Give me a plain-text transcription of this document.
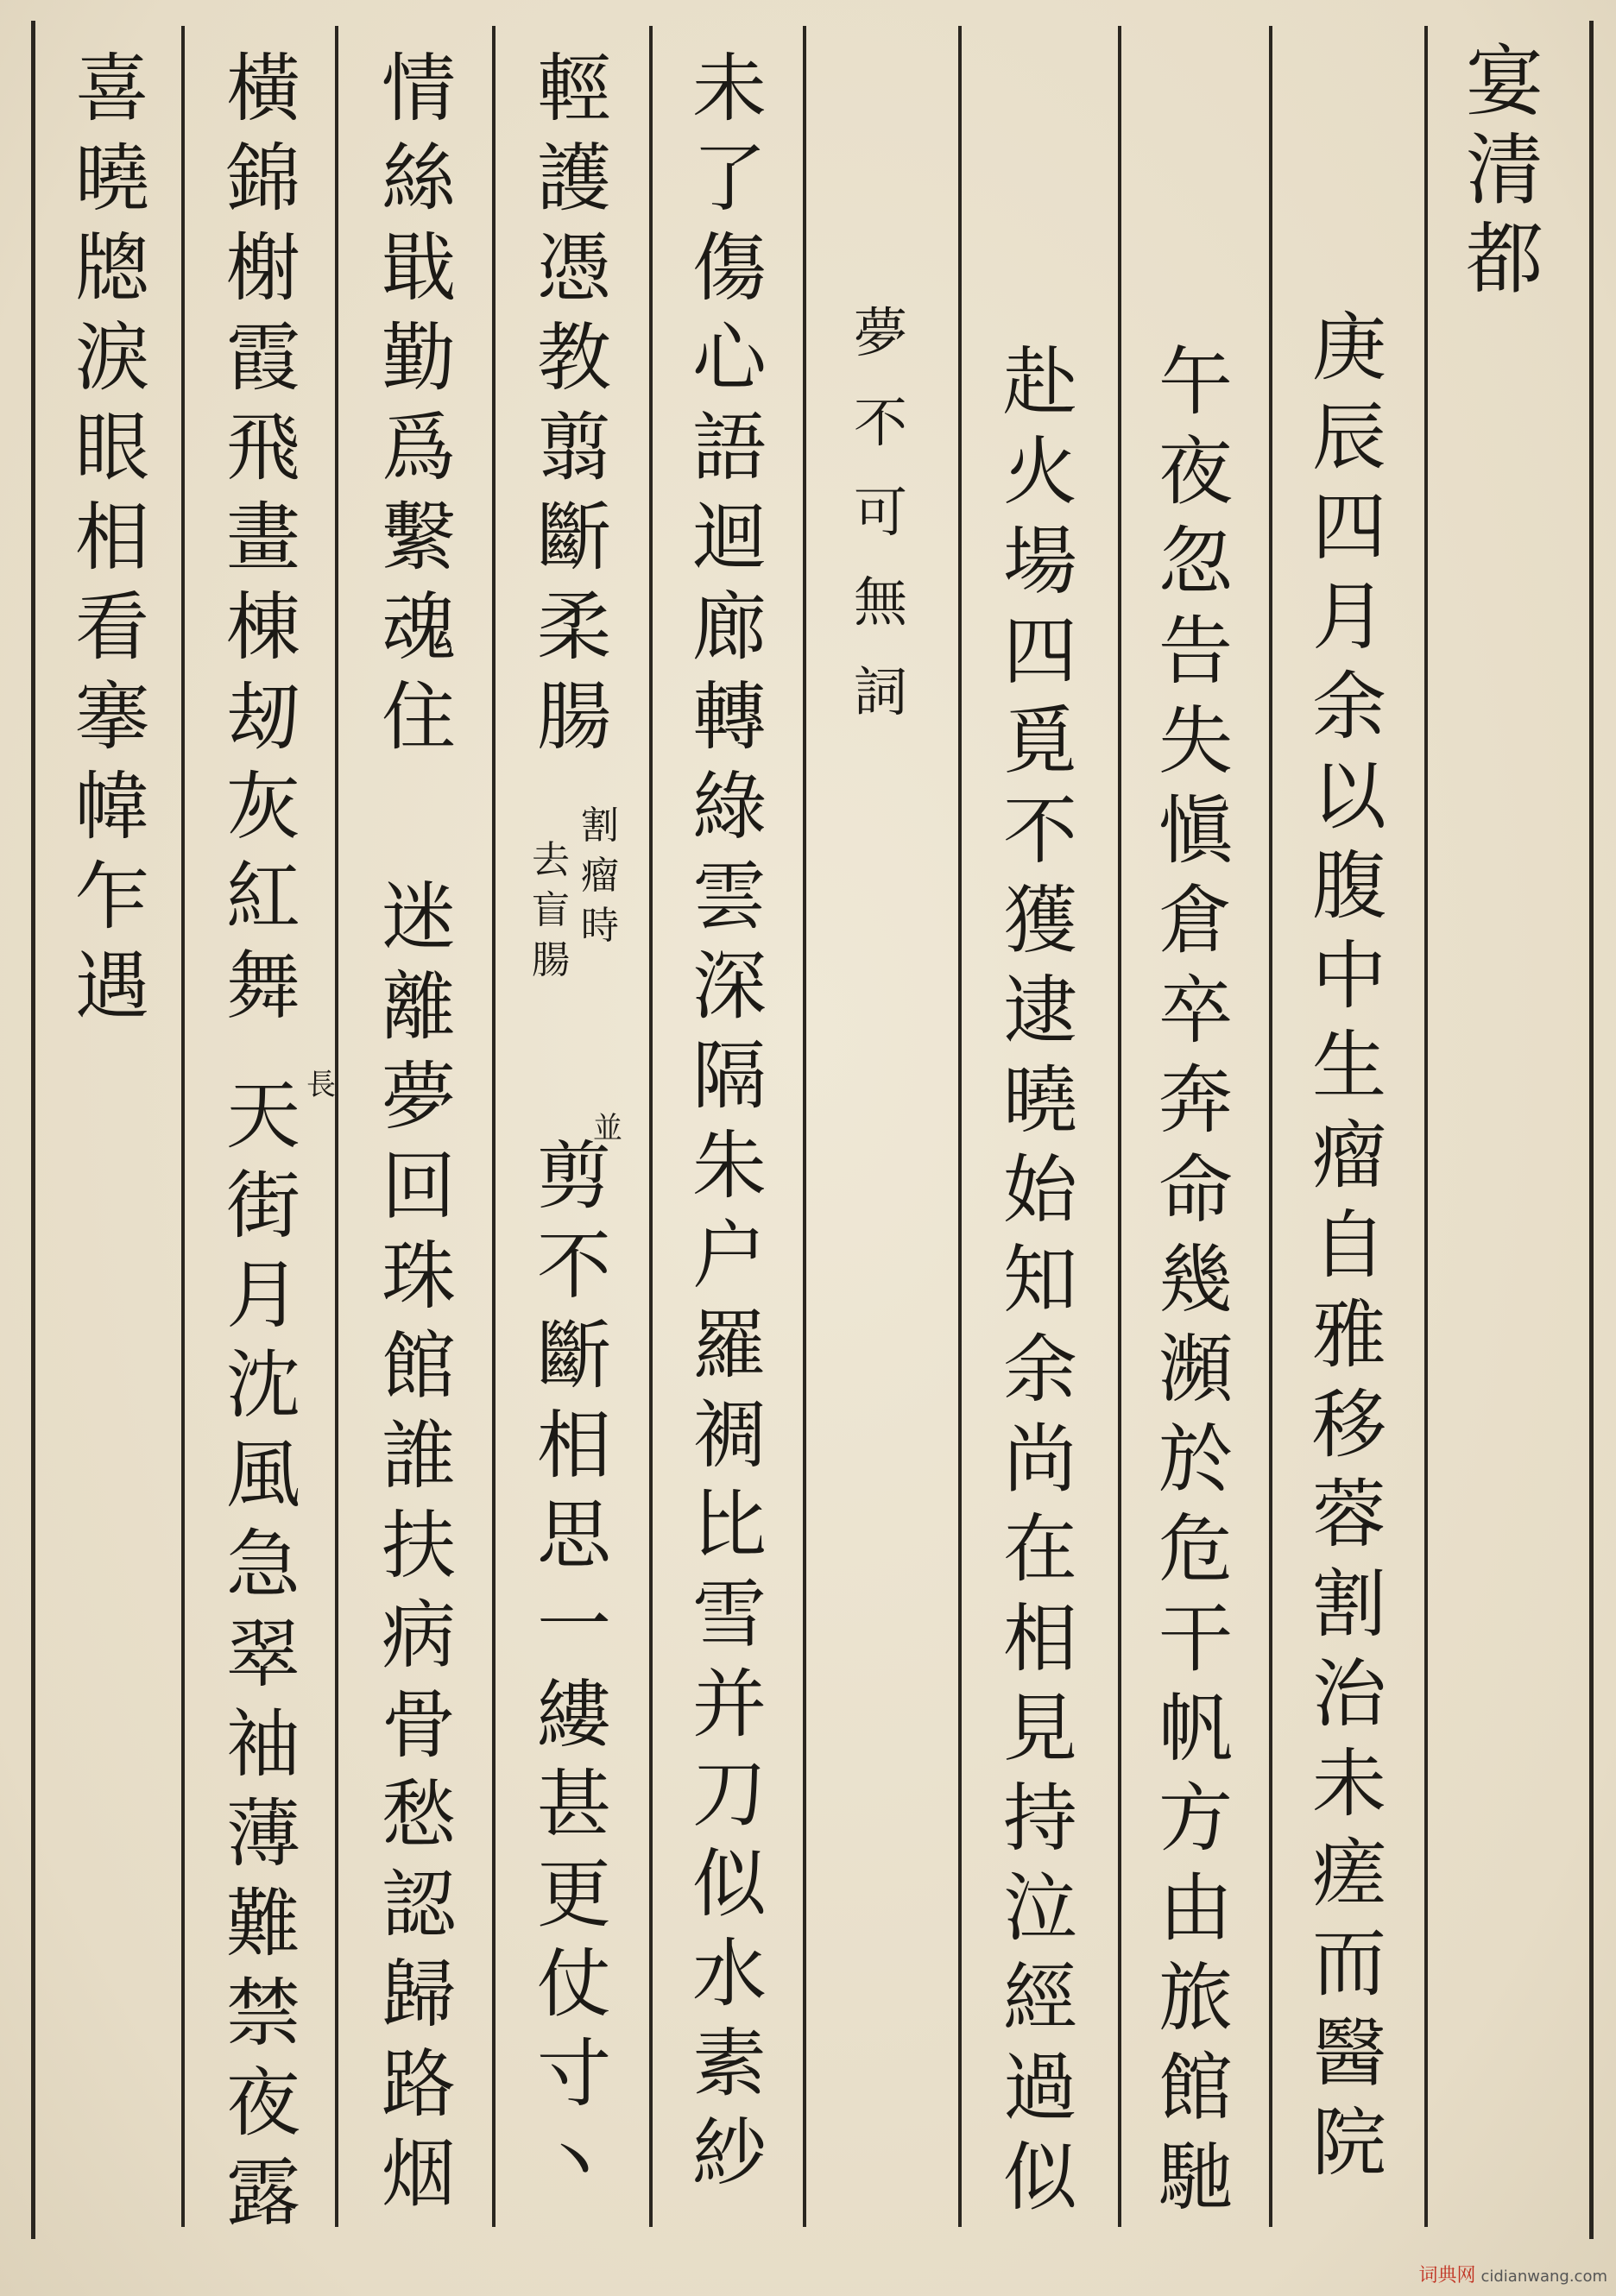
宴
清
都
庚
辰
四
月
余
以
腹
中
生
瘤
自
雅
移
蓉
割
治
未
瘥
而
醫
院
午
夜
忽
告
失
愼
倉
卒
奔
命
幾
瀕
於
危
干
帆
方
由
旅
館
馳
赴
火
場
四
覓
不
獲
逮
曉
始
知
余
尚
在
相
見
持
泣
經
過
似
夢
不
可
無
詞
未
了
傷
心
語
迴
廊
轉
綠
雲
深
隔
朱
户
羅
裯
比
雪
并
刀
似
水
素
紗
輕
護
憑
教
翦
斷
柔
腸
割
瘤
時
去
盲
腸
並
剪
不
斷
相
思
一
縷
甚
更
仗
寸
丶
情
絲
戢
勤
爲
繫
魂
住
迷
離
夢
回
珠
館
誰
扶
病
骨
愁
認
歸
路
烟
橫
錦
榭
霞
飛
畫
棟
刼
灰
紅
舞
長
天
街
月
沈
風
急
翠
袖
薄
難
禁
夜
露
喜
曉
牕
淚
眼
相
看
搴
幃
乍
遇
词典网 cidianwang.com
